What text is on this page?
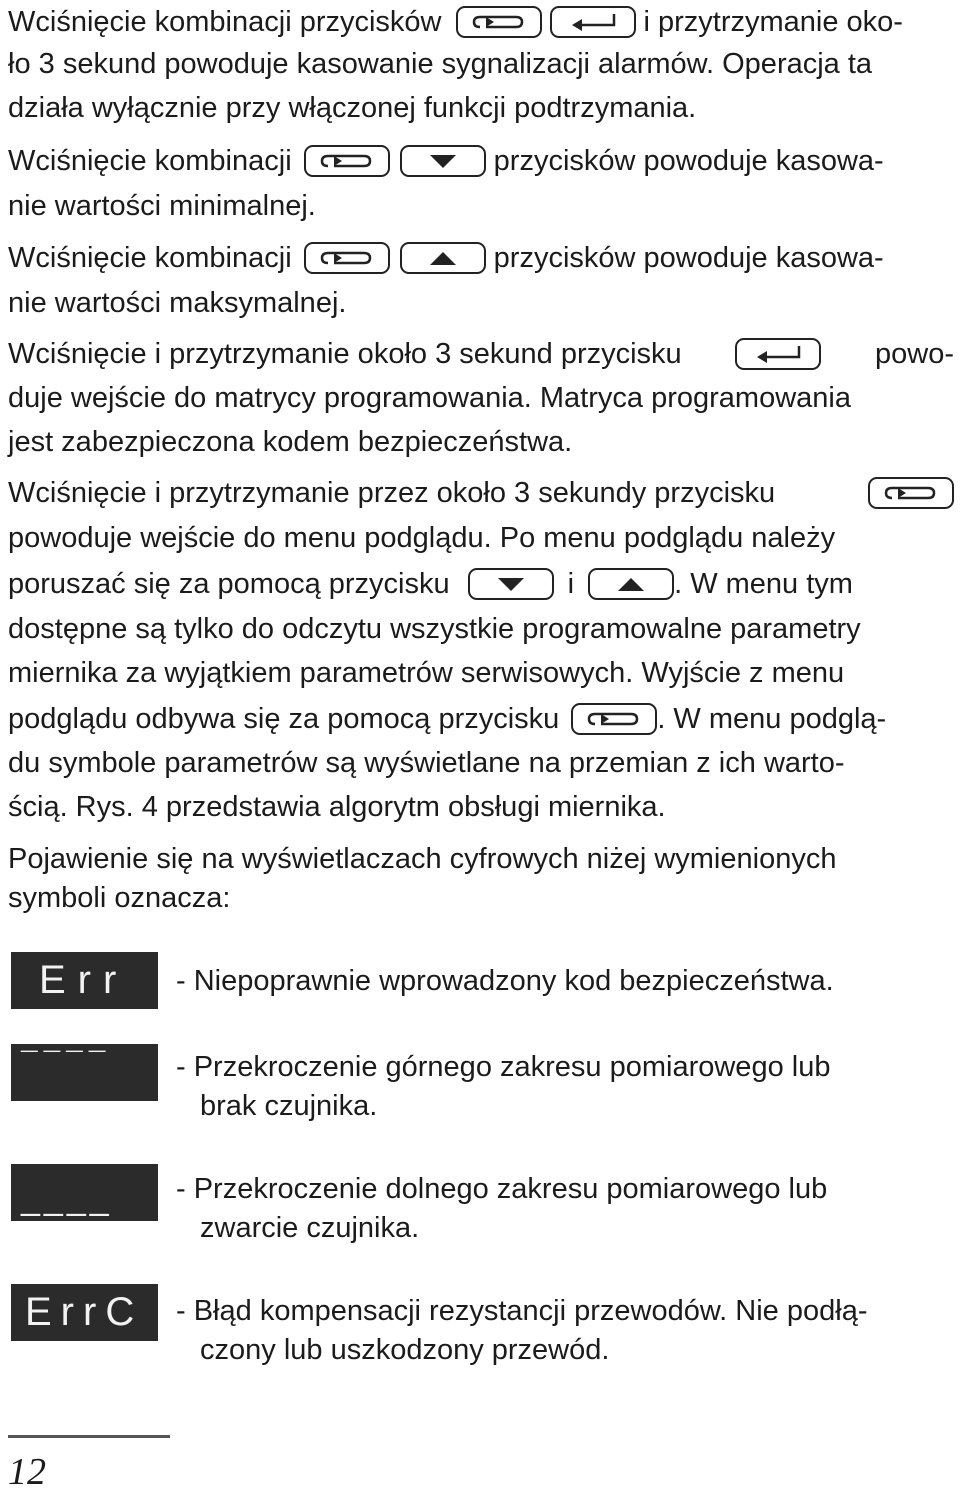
Wciśnięcie kombinacji przycisków	i przytrzymanie oko-
ło 3 sekund powoduje kasowanie sygnalizacji alarmów. Operacja ta
działa wyłącznie przy włączonej funkcji podtrzymania.
Wciśnięcie kombinacji	przycisków powoduje kasowa-
nie wartości minimalnej.
Wciśnięcie kombinacji	przycisków powoduje kasowa-
nie wartości maksymalnej.
Wciśnięcie i przytrzymanie około 3 sekund przycisku	powo-
duje wejście do matrycy programowania. Matryca programowania
jest zabezpieczona kodem bezpieczeństwa.
Wciśnięcie i przytrzymanie przez około 3 sekundy przycisku
powoduje wejście do menu podglądu. Po menu podglądu należy
poruszać się za pomocą przycisku	i	. W menu tym
dostępne są tylko do odczytu wszystkie programowalne parametry
miernika za wyjątkiem parametrów serwisowych. Wyjście z menu
podglądu odbywa się za pomocą przycisku	. W menu podglą-
du symbole parametrów są wyświetlane na przemian z ich warto-
ścią. Rys. 4 przedstawia algorytm obsługi miernika.
Pojawienie się na wyświetlaczach cyfrowych niżej wymienionych
symboli oznacza:
Err	- Niepoprawnie wprowadzony kod bezpieczeństwa.
¯¯¯¯	- Przekroczenie górnego zakresu pomiarowego lub
brak czujnika.
____	- Przekroczenie dolnego zakresu pomiarowego lub
zwarcie czujnika.
ErrC	- Błąd kompensacji rezystancji przewodów. Nie podłą-
czony lub uszkodzony przewód.
12
